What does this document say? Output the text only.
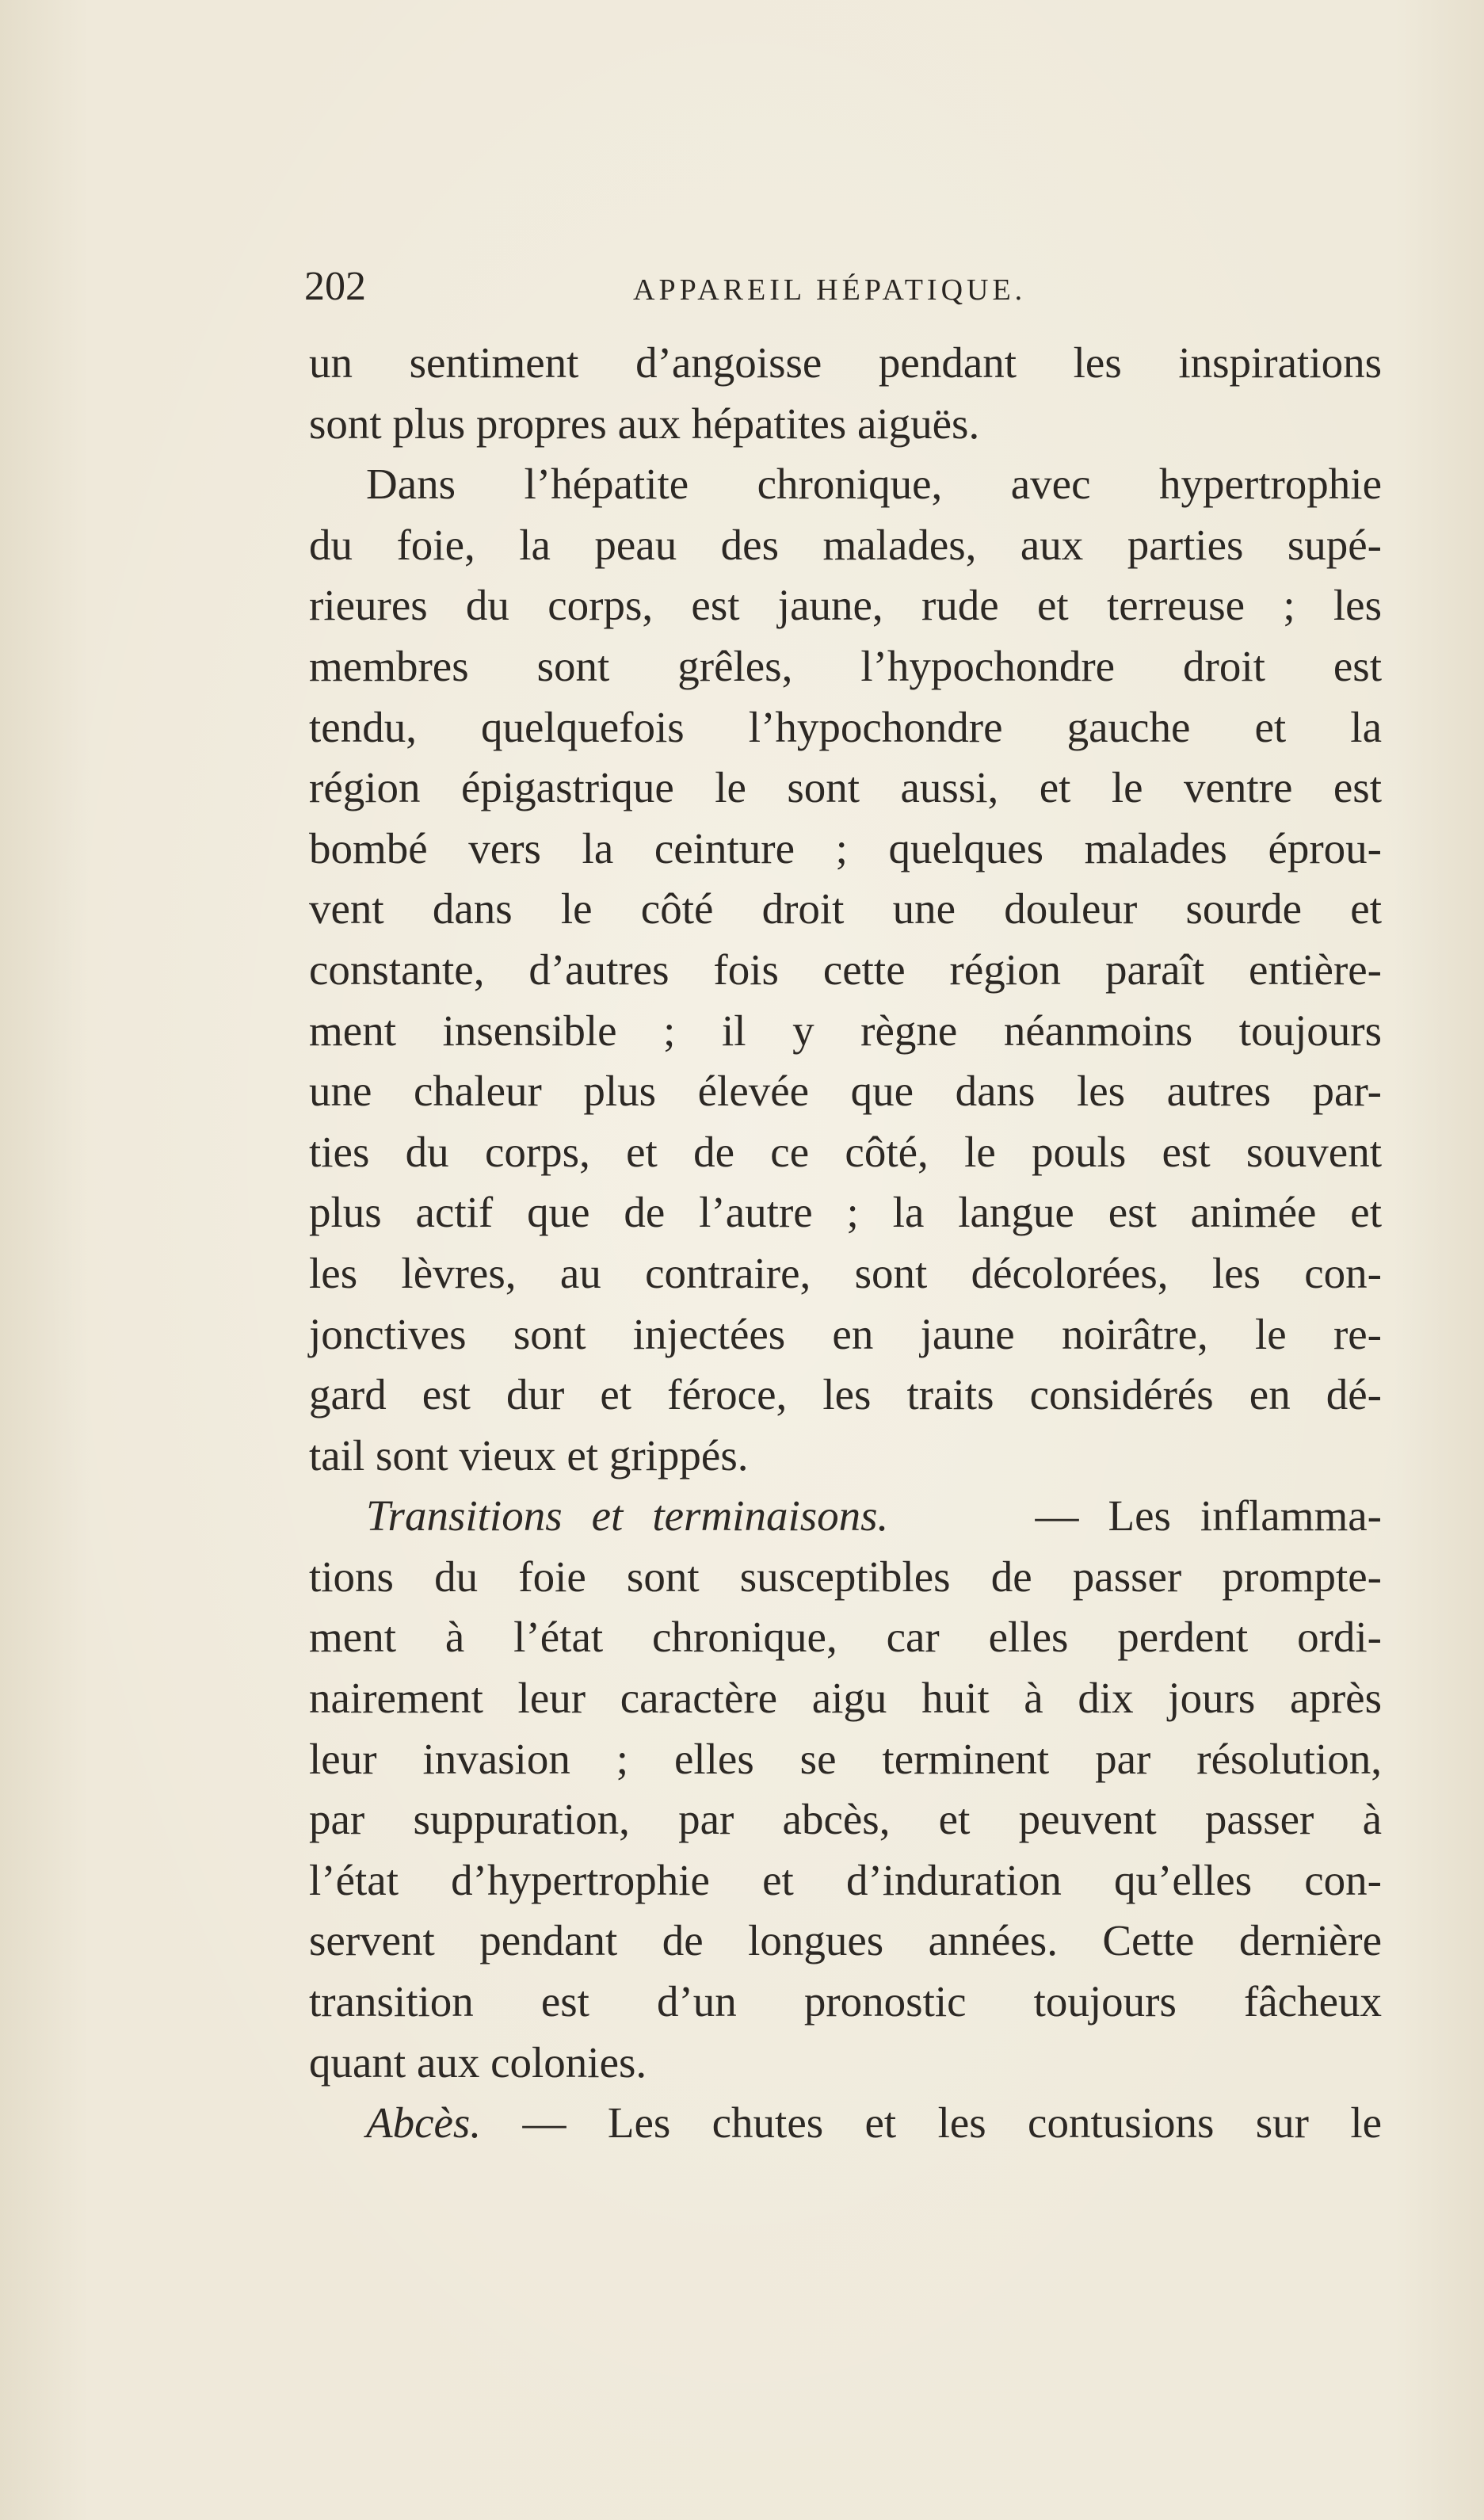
202	APPAREIL HÉPATIQUE.
un sentiment d’angoisse pendant les inspirations
sont plus propres aux hépatites aiguës.
Dans l’hépatite chronique, avec hypertrophie
du foie, la peau des malades, aux parties supé-
rieures du corps, est jaune, rude et terreuse ; les
membres sont grêles, l’hypochondre droit est
tendu, quelquefois l’hypochondre gauche et la
région épigastrique le sont aussi, et le ventre est
bombé vers la ceinture ; quelques malades éprou-
vent dans le côté droit une douleur sourde et
constante, d’autres fois cette région paraît entière-
ment insensible ; il y règne néanmoins toujours
une chaleur plus élevée que dans les autres par-
ties du corps, et de ce côté, le pouls est souvent
plus actif que de l’autre ; la langue est animée et
les lèvres, au contraire, sont décolorées, les con-
jonctives sont injectées en jaune noirâtre, le re-
gard est dur et féroce, les traits considérés en dé-
tail sont vieux et grippés.
Transitions et terminaisons.	— Les inflamma-
tions du foie sont susceptibles de passer prompte-
ment à l’état chronique, car elles perdent ordi-
nairement leur caractère aigu huit à dix jours après
leur invasion ; elles se terminent par résolution,
par suppuration, par abcès, et peuvent passer à
l’état d’hypertrophie et d’induration qu’elles con-
servent pendant de longues années. Cette dernière
transition est d’un pronostic toujours fâcheux
quant aux colonies.
Abcès. — Les chutes et les contusions sur le
